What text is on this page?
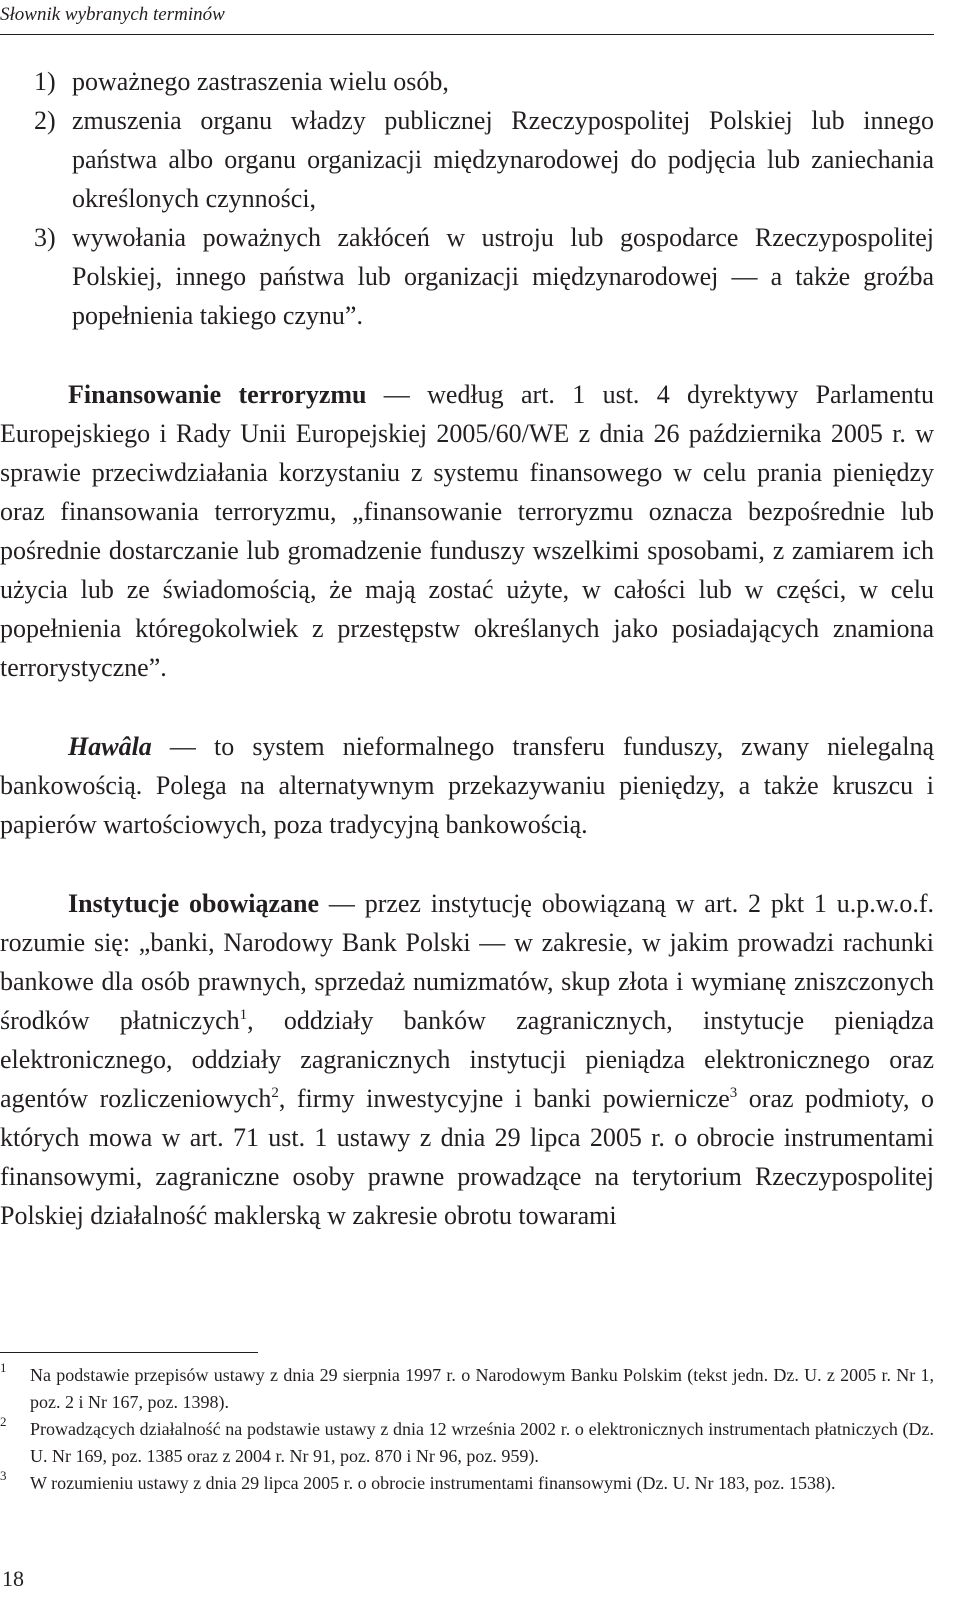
Słownik wybranych terminów
1) poważnego zastraszenia wielu osób,
2) zmuszenia organu władzy publicznej Rzeczypospolitej Polskiej lub innego państwa albo organu organizacji międzynarodowej do podjęcia lub zaniechania określonych czynności,
3) wywołania poważnych zakłóceń w ustroju lub gospodarce Rzeczypospolitej Polskiej, innego państwa lub organizacji międzynarodowej — a także groźba popełnienia takiego czynu”.

Finansowanie terroryzmu — według art. 1 ust. 4 dyrektywy Parlamentu Europejskiego i Rady Unii Europejskiej 2005/60/WE z dnia 26 października 2005 r. w sprawie przeciwdziałania korzystaniu z systemu finansowego w celu prania pieniędzy oraz finansowania terroryzmu, „finansowanie terroryzmu oznacza bezpośrednie lub pośrednie dostarczanie lub gromadzenie funduszy wszelkimi sposobami, z zamiarem ich użycia lub ze świadomością, że mają zostać użyte, w całości lub w części, w celu popełnienia któregokolwiek z przestępstw określanych jako posiadających znamiona terrorystyczne”.

Hawâla — to system nieformalnego transferu funduszy, zwany nielegalną bankowością. Polega na alternatywnym przekazywaniu pieniędzy, a także kruszcu i papierów wartościowych, poza tradycyjną bankowością.

Instytucje obowiązane — przez instytucję obowiązaną w art. 2 pkt 1 u.p.w.o.f. rozumie się: „banki, Narodowy Bank Polski — w zakresie, w jakim prowadzi rachunki bankowe dla osób prawnych, sprzedaż numizmatów, skup złota i wymianę zniszczonych środków płatniczych$^1$, oddziały banków zagranicznych, instytucje pieniądza elektronicznego, oddziały zagranicznych instytucji pieniądza elektronicznego oraz agentów rozliczeniowych$^2$, firmy inwestycyjne i banki powiernicze$^3$ oraz podmioty, o których mowa w art. 71 ust. 1 ustawy z dnia 29 lipca 2005 r. o obrocie instrumentami finansowymi, zagraniczne osoby prawne prowadzące na terytorium Rzeczypospolitej Polskiej działalność maklerską w zakresie obrotu towarami

1 Na podstawie przepisów ustawy z dnia 29 sierpnia 1997 r. o Narodowym Banku Polskim (tekst jedn. Dz. U. z 2005 r. Nr 1, poz. 2 i Nr 167, poz. 1398).

2 Prowadzących działalność na podstawie ustawy z dnia 12 września 2002 r. o elektronicznych instrumentach płatniczych (Dz. U. Nr 169, poz. 1385 oraz z 2004 r. Nr 91, poz. 870 i Nr 96, poz. 959).

3 W rozumieniu ustawy z dnia 29 lipca 2005 r. o obrocie instrumentami finansowymi (Dz. U. Nr 183, poz. 1538).

18
